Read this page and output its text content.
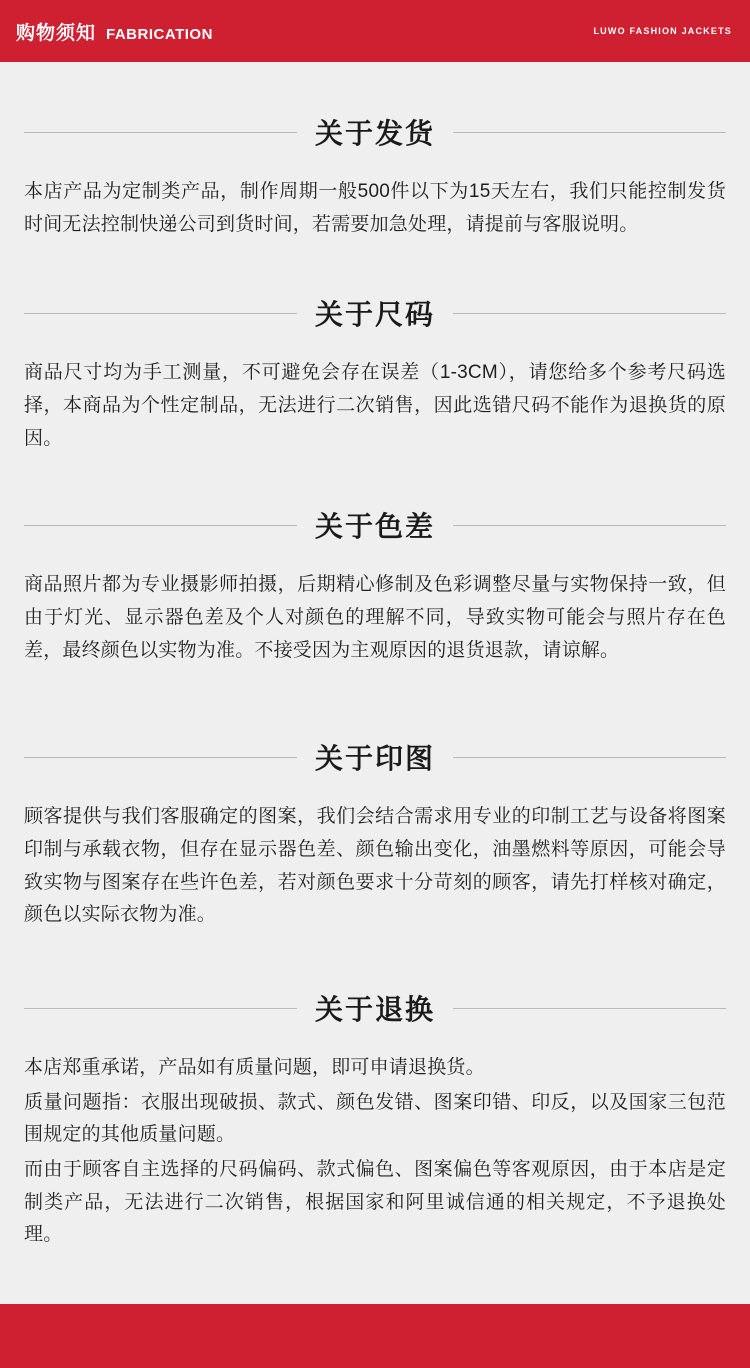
购物须知 FABRICATION	LUWO FASHION JACKETS
关于发货

本店产品为定制类产品，制作周期一般500件以下为15天左右，我们只能控制发货时间无法控制快递公司到货时间，若需要加急处理，请提前与客服说明。

关于尺码

商品尺寸均为手工测量，不可避免会存在误差（1-3CM），请您给多个参考尺码选择，本商品为个性定制品，无法进行二次销售，因此选错尺码不能作为退换货的原因。

关于色差

商品照片都为专业摄影师拍摄，后期精心修制及色彩调整尽量与实物保持一致，但由于灯光、显示器色差及个人对颜色的理解不同，导致实物可能会与照片存在色差，最终颜色以实物为准。不接受因为主观原因的退货退款，请谅解。

关于印图

顾客提供与我们客服确定的图案，我们会结合需求用专业的印制工艺与设备将图案印制与承载衣物，但存在显示器色差、颜色输出变化，油墨燃料等原因，可能会导致实物与图案存在些许色差，若对颜色要求十分苛刻的顾客，请先打样核对确定，颜色以实际衣物为准。

关于退换

本店郑重承诺，产品如有质量问题，即可申请退换货。

质量问题指：衣服出现破损、款式、颜色发错、图案印错、印反，以及国家三包范围规定的其他质量问题。

而由于顾客自主选择的尺码偏码、款式偏色、图案偏色等客观原因，由于本店是定制类产品，无法进行二次销售，根据国家和阿里诚信通的相关规定，不予退换处理。
